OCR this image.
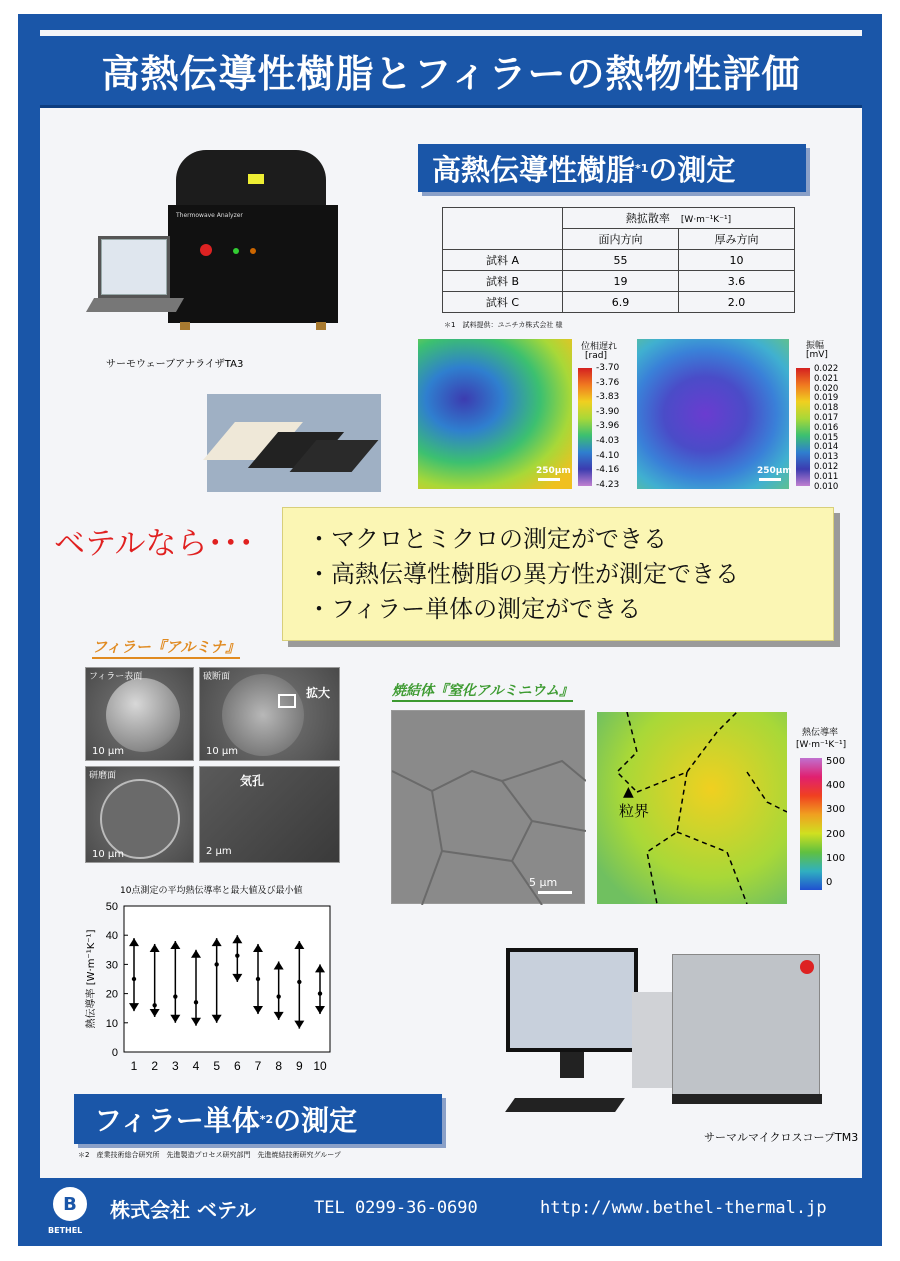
高熱伝導性樹脂とフィラーの熱物性評価
高熱伝導性樹脂 *1 の測定
Thermowave Analyzer
サーモウェーブアナライザTA3
	熱拡散率　 [W·m⁻¹K⁻¹]	
	面内方向	厚み方向
試料 A	55	10
試料 B	19	3.6
試料 C	6.9	2.0
＊1　試料提供：ユニチカ株式会社 様
250μm
位相遅れ
[rad]
-3.70
-3.76
-3.83
-3.90
-3.96
-4.03
-4.10
-4.16
-4.23
250μm
振幅
[mV]
0.022
0.021
0.020
0.019
0.018
0.017
0.016
0.015
0.014
0.013
0.012
0.011
0.010
ベテルなら･･･ ・マクロとミクロの測定ができる
・高熱伝導性樹脂の異方性が測定できる
・フィラー単体の測定ができる
フィラー『アルミナ』
フィラー表面
10 μm
破断面
10 μm
拡大
研磨面
10 μm
気孔
2 μm
10点測定の平均熱伝導率と最大値及び最小値
0
10
20
30
40
50
1 2 3 4 5 6 7 8 9 10
熱伝導率 [W·m⁻¹K⁻¹]
フィラー単体 *2 の測定
＊2　産業技術総合研究所　先進製造プロセス研究部門　先進焼結技術研究グループ
焼結体『窒化アルミニウム』
5 μm
粒界
▲
熱伝導率
[W·m⁻¹K⁻¹]
500
400
300
200
100
0
サーマルマイクロスコープTM3
B
BETHEL
株式会社 ベテル	TEL 0299-36-0690	http://www.bethel-thermal.jp
